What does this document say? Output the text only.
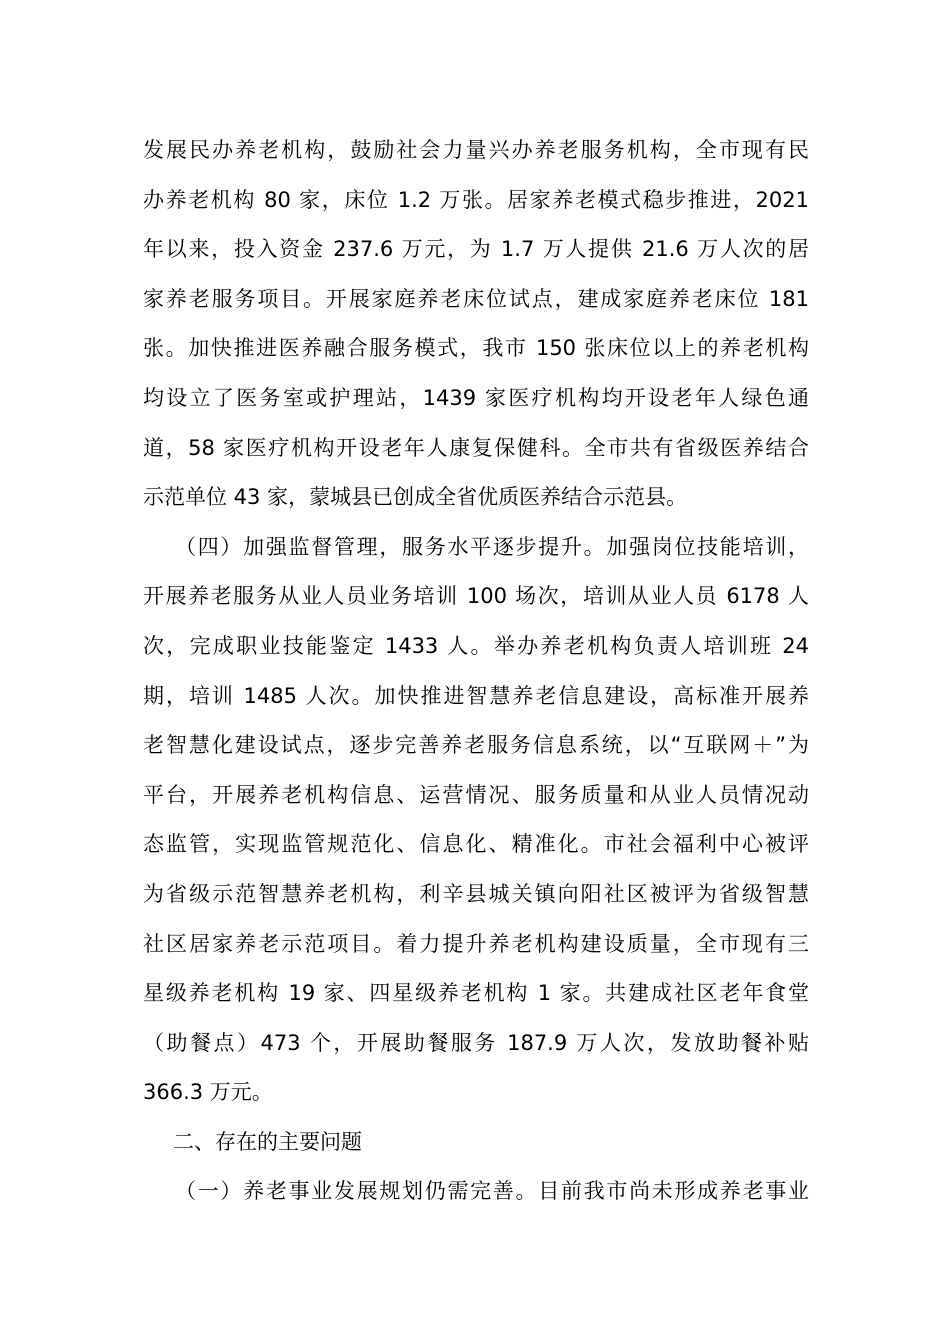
发展民办养老机构，鼓励社会力量兴办养老服务机构，全市现有民
办养老机构 80 家，床位 1.2 万张。居家养老模式稳步推进，2021
年以来，投入资金 237.6 万元，为 1.7 万人提供 21.6 万人次的居
家养老服务项目。开展家庭养老床位试点，建成家庭养老床位 181
张。加快推进医养融合服务模式，我市 150 张床位以上的养老机构
均设立了医务室或护理站，1439 家医疗机构均开设老年人绿色通
道，58 家医疗机构开设老年人康复保健科。全市共有省级医养结合
示范单位 43 家，蒙城县已创成全省优质医养结合示范县。
（四）加强监督管理，服务水平逐步提升。加强岗位技能培训，
开展养老服务从业人员业务培训 100 场次，培训从业人员 6178 人
次，完成职业技能鉴定 1433 人。举办养老机构负责人培训班 24
期，培训 1485 人次。加快推进智慧养老信息建设，高标准开展养
老智慧化建设试点，逐步完善养老服务信息系统，以“互联网＋”为
平台，开展养老机构信息、运营情况、服务质量和从业人员情况动
态监管，实现监管规范化、信息化、精准化。市社会福利中心被评
为省级示范智慧养老机构，利辛县城关镇向阳社区被评为省级智慧
社区居家养老示范项目。着力提升养老机构建设质量，全市现有三
星级养老机构 19 家、四星级养老机构 1 家。共建成社区老年食堂
（助餐点）473 个，开展助餐服务 187.9 万人次，发放助餐补贴
366.3 万元。
二、存在的主要问题
（一）养老事业发展规划仍需完善。目前我市尚未形成养老事业
